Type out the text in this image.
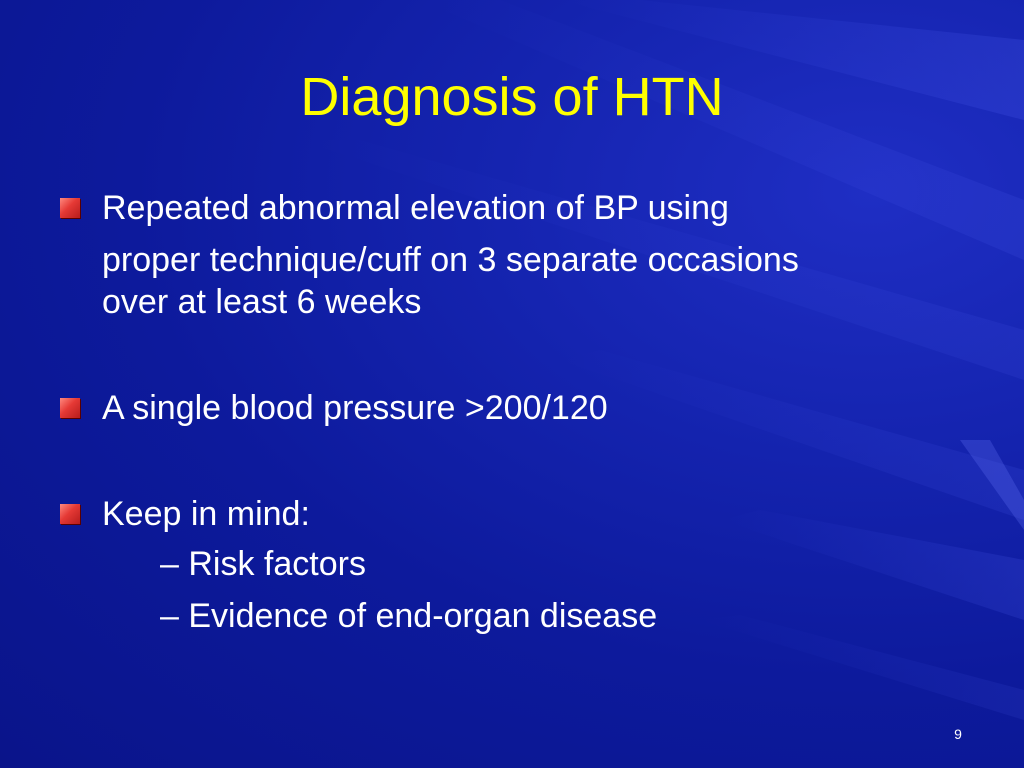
Diagnosis of HTN
Repeated abnormal elevation of BP using
proper technique/cuff on 3 separate occasions
over at least 6 weeks
A single blood pressure >200/120
Keep in mind:
– Risk factors
– Evidence of end-organ disease
9
